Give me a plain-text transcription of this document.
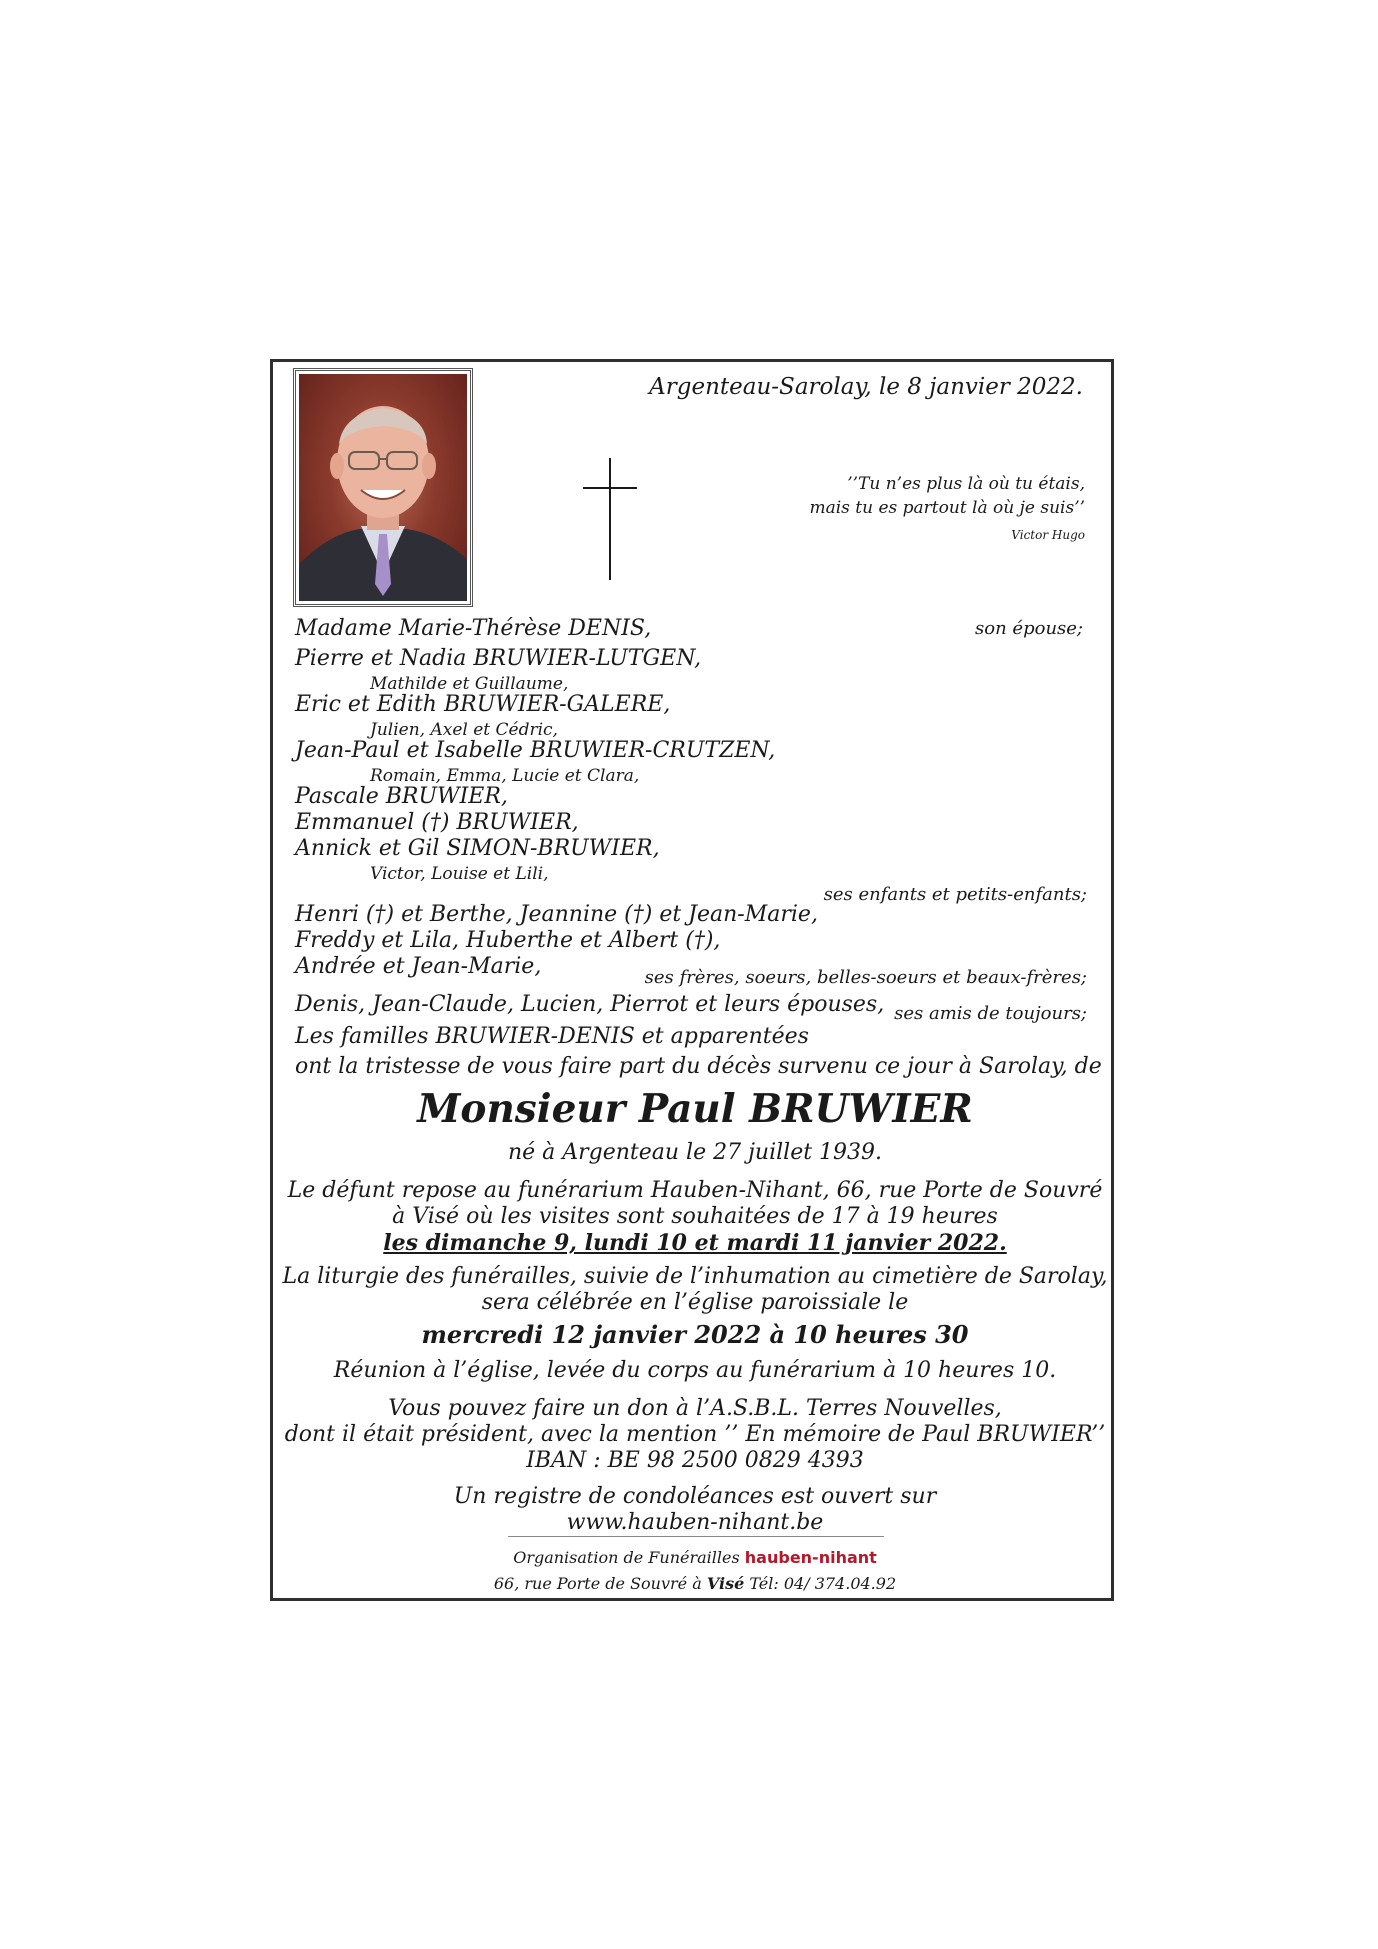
Argenteau-Sarolay, le 8 janvier 2022.
’’Tu n’es plus là où tu étais,
mais tu es partout là où je suis’’
Victor Hugo
Madame Marie-Thérèse DENIS,	son épouse;
Pierre et Nadia BRUWIER-LUTGEN,
Mathilde et Guillaume,
Eric et Edith BRUWIER-GALERE,
Julien, Axel et Cédric,
Jean-Paul et Isabelle BRUWIER-CRUTZEN,
Romain, Emma, Lucie et Clara,
Pascale BRUWIER,
Emmanuel (†) BRUWIER,
Annick et Gil SIMON-BRUWIER,
Victor, Louise et Lili,
ses enfants et petits-enfants;
Henri (†) et Berthe, Jeannine (†) et Jean-Marie,
Freddy et Lila, Huberthe et Albert (†),
Andrée et Jean-Marie,	ses frères, soeurs, belles-soeurs et beaux-frères;
Denis, Jean-Claude, Lucien, Pierrot et leurs épouses, ses amis de toujours;
Les familles BRUWIER-DENIS et apparentées
ont la tristesse de vous faire part du décès survenu ce jour à Sarolay, de
Monsieur Paul BRUWIER
né à Argenteau le 27 juillet 1939.
Le défunt repose au funérarium Hauben-Nihant, 66, rue Porte de Souvré
à Visé où les visites sont souhaitées de 17 à 19 heures
les dimanche 9, lundi 10 et mardi 11 janvier 2022.
La liturgie des funérailles, suivie de l’inhumation au cimetière de Sarolay,
sera célébrée en l’église paroissiale le
mercredi 12 janvier 2022 à 10 heures 30
Réunion à l’église, levée du corps au funérarium à 10 heures 10.
Vous pouvez faire un don à l’A.S.B.L. Terres Nouvelles,
dont il était président, avec la mention ’’ En mémoire de Paul BRUWIER’’
IBAN : BE 98 2500 0829 4393
Un registre de condoléances est ouvert sur
www.hauben-nihant.be
Organisation de Funérailles hauben-nihant
66, rue Porte de Souvré à Visé Tél: 04/ 374.04.92
